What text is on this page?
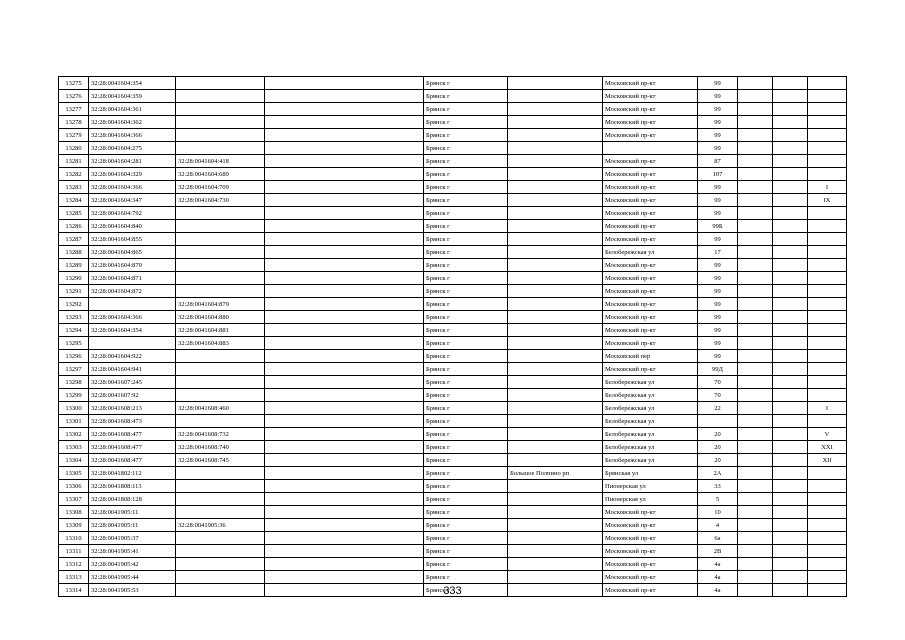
13275	32:28:0041604:354			Брянск г		Московский пр-кт	99			
13276	32:28:0041604:359			Брянск г		Московский пр-кт	99			
13277	32:28:0041604:361			Брянск г		Московский пр-кт	99			
13278	32:28:0041604:362			Брянск г		Московский пр-кт	99			
13279	32:28:0041604:366			Брянск г		Московский пр-кт	99			
13280	32:28:0041604:275			Брянск г			99			
13281	32:28:0041604:281	32:28:0041604:418		Брянск г		Московский пр-кт	87			
13282	32:28:0041604:329	32:28:0041604:689		Брянск г		Московский пр-кт	107			
13283	32:28:0041604:366	32:28:0041604:709		Брянск г		Московский пр-кт	99			I
13284	32:28:0041604:347	32:28:0041604:730		Брянск г		Московский пр-кт	99			IX
13285	32:28:0041604:792			Брянск г		Московский пр-кт	99			
13286	32:28:0041604:840			Брянск г		Московский пр-кт	99Б			
13287	32:28:0041604:855			Брянск г		Московский пр-кт	99			
13288	32:28:0041604:865			Брянск г		Белобережская ул	17			
13289	32:28:0041604:870			Брянск г		Московский пр-кт	99			
13290	32:28:0041604:871			Брянск г		Московский пр-кт	99			
13291	32:28:0041604:872			Брянск г		Московский пр-кт	99			
13292		32:28:0041604:879		Брянск г		Московский пр-кт	99			
13293	32:28:0041604:366	32:28:0041604:880		Брянск г		Московский пр-кт	99			
13294	32:28:0041604:354	32:28:0041604:881		Брянск г		Московский пр-кт	99			
13295		32:28:0041604:883		Брянск г		Московский пр-кт	99			
13296	32:28:0041604:922			Брянск г		Московский пер	99			
13297	32:28:0041604:941			Брянск г		Московский пр-кт	99Д			
13298	32:28:0041607:245			Брянск г		Белобережская ул	70			
13299	32:28:0041607:92			Брянск г		Белобережская ул	70			
13300	32:28:0041608:213	32:28:0041608:460		Брянск г		Белобережская ул	22			I
13301	32:28:0041608:473			Брянск г		Белобережская ул				
13302	32:28:0041608:477	32:28:0041608:732		Брянск г		Белобережская ул	20			V
13303	32:28:0041608:477	32:28:0041608:740		Брянск г		Белобережская ул	20			XXI
13304	32:28:0041608:477	32:28:0041608:745		Брянск г		Белобережская ул	20			XII
13305	32:28:0041802:112			Брянск г	Большое Полпино рп	Брянская ул	2А			
13306	32:28:0041808:113			Брянск г		Пионерская ул	33			
13307	32:28:0041808:128			Брянск г		Пионерская ул	5			
13308	32:28:0041905:11			Брянск г		Московский пр-кт	10			
13309	32:28:0041905:11	32:28:0041905:36		Брянск г		Московский пр-кт	4			
13310	32:28:0041905:37			Брянск г		Московский пр-кт	6а			
13311	32:28:0041905:41			Брянск г		Московский пр-кт	2В			
13312	32:28:0041905:42			Брянск г		Московский пр-кт	4а			
13313	32:28:0041905:44			Брянск г		Московский пр-кт	4а			
13314	32:28:0041905:53			Брянск г		Московский пр-кт	4а			
333
